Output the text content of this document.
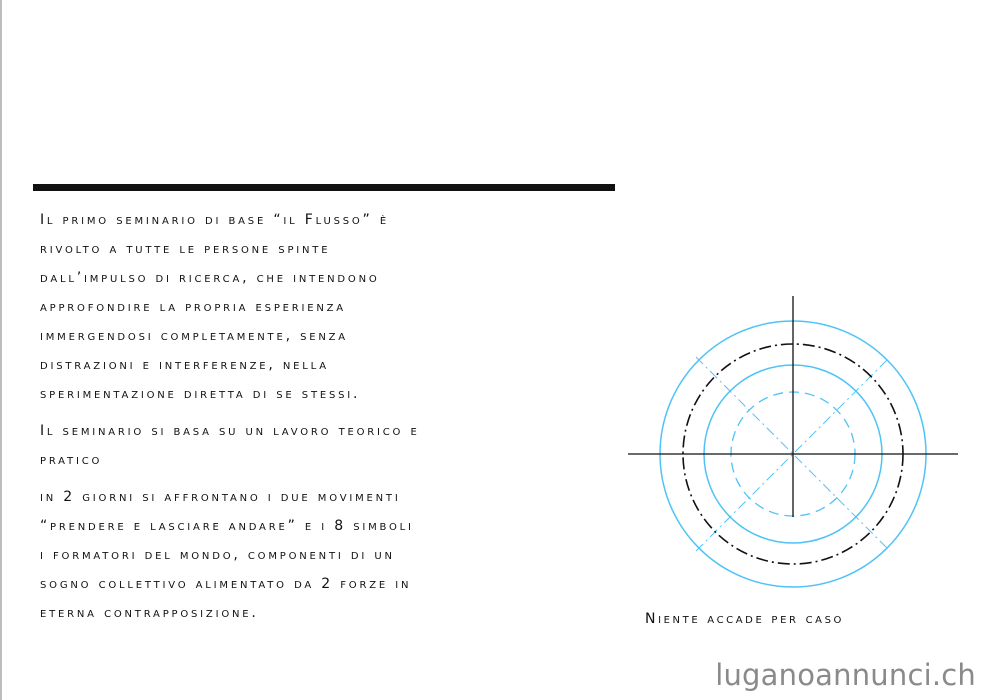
Il primo seminario di base “il Flusso” è
rivolto a tutte le persone spinte
dall’impulso di ricerca, che intendono
approfondire la propria esperienza
immergendosi completamente, senza
distrazioni e interferenze, nella
sperimentazione diretta di se stessi.

Il seminario si basa su un lavoro teorico e
pratico

in 2 giorni si affrontano i due movimenti
“prendere e lasciare andare” e i 8 simboli
i formatori del mondo, componenti di un
sogno collettivo alimentato da 2 forze in
eterna contrapposizione.	Niente accade per caso
luganoannunci.ch
